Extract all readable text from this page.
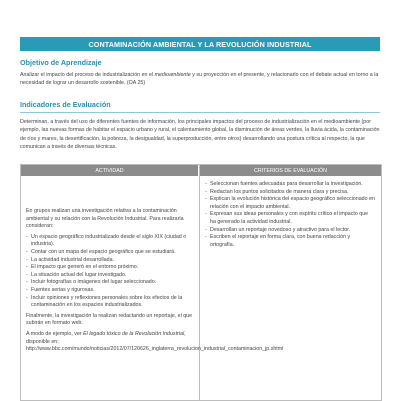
CONTAMINACIÓN AMBIENTAL Y LA REVOLUCIÓN INDUSTRIAL
Objetivo de Aprendizaje
Analizar el impacto del proceso de industrialización en el medioambiente y su proyección en el presente, y relacionarlo con el debate actual en torno a la necesidad de lograr un desarrollo sostenible. (OA 25)
Indicadores de Evaluación
Determinan, a través del uso de diferentes fuentes de información, los principales impactos del proceso de industrialización en el medioambiente (por ejemplo, las nuevas formas de habitar el espacio urbano y rural, el calentamiento global, la disminución de áreas verdes, la lluvia ácida, la contaminación de ríos y mares, la desertificación, la pobreza, la desigualdad, la superproducción, entre otros) desarrollando una postura crítica al respecto, la que comunican a través de diversas técnicas.
ACTIVIDAD	CRITERIOS DE EVALUACIÓN

En grupos realizan una investigación relativa a la contaminación ambiental y su relación con la Revolución Industrial. Para realizarla consideran:

- Un espacio geográfico industrializado desde el siglo XIX (ciudad o industria).
- Contar con un mapa del espacio geográfico que se estudiará.
- La actividad industrial desarrollada.
- El impacto que generó en el entorno próximo.
- La situación actual del lugar investigado.
- Incluir fotografías o imágenes del lugar seleccionado.
- Fuentes serias y rigurosas.
- Incluir opiniones y reflexiones personales sobre los efectos de la contaminación en los espacios industrializados.

Finalmente, la investigación la realizan redactando un reportaje, el que subirán en formato web.

A modo de ejemplo, ver El legado tóxico de la Revolución Industrial, disponible en: http://www.bbc.com/mundo/noticias/2012/07/120626_inglaterra_revolucion_industrial_contaminacion_jp.shtml

- Seleccionan fuentes adecuadas para desarrollar la investigación.
- Redactan los puntos solicitados de manera clara y precisa.
- Explican la evolución histórica del espacio geográfico seleccionado en relación con el impacto ambiental.
- Expresan sus ideas personales y con espíritu crítico el impacto que ha generado la actividad industrial.
- Desarrollan un reportaje novedoso y atractivo para el lector.
- Escriben el reportaje en forma clara, con buena redacción y ortografía.
